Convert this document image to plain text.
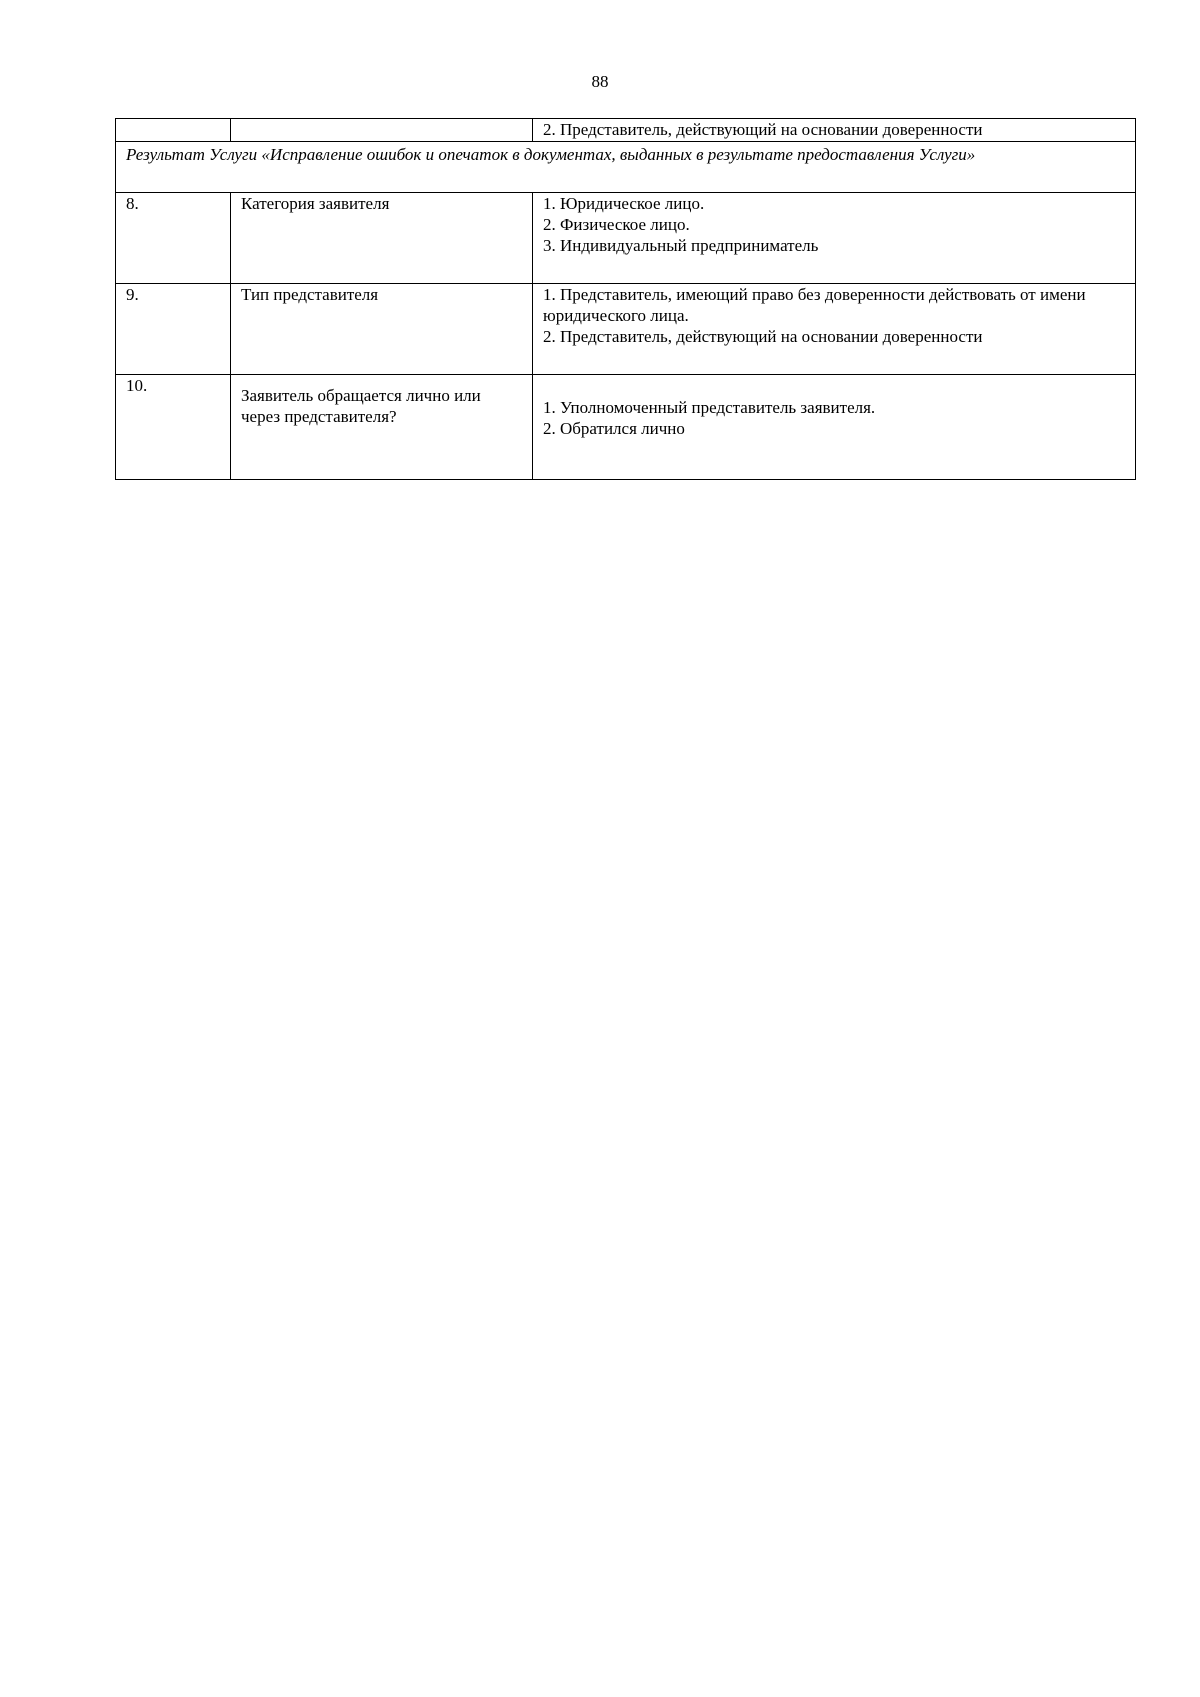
88

		2. Представитель, действующий на основании доверенности

Результат Услуги «Исправление ошибок и опечаток в документах, выданных в результате предоставления Услуги»		
8.	Категория заявителя	1. Юридическое лицо.
2. Физическое лицо.
3. Индивидуальный предприниматель

9.	Тип представителя	1. Представитель, имеющий право без доверенности действовать от имени юридического лица.
2. Представитель, действующий на основании доверенности

10.	Заявитель обращается лично или через представителя?	1. Уполномоченный представитель заявителя.
2. Обратился лично
